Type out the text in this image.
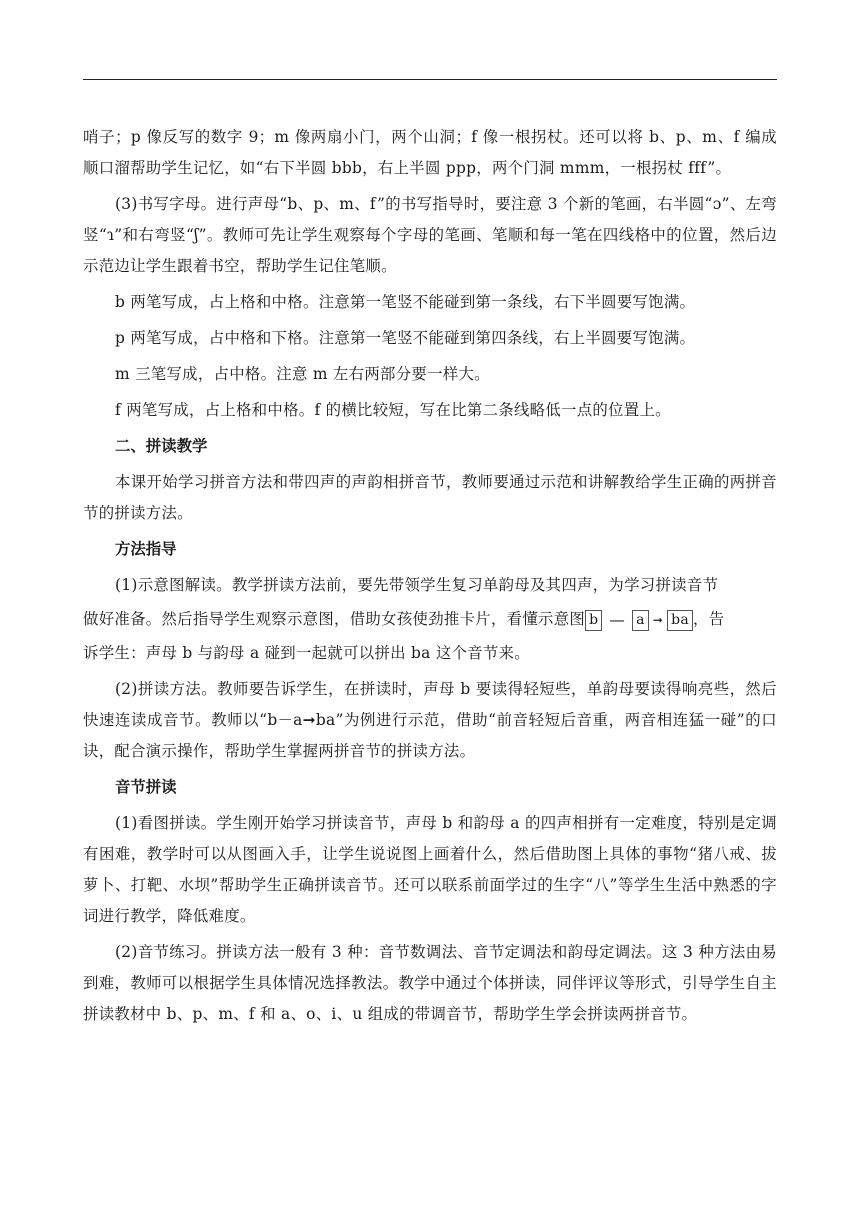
哨子；p 像反写的数字 9；m 像两扇小门，两个山洞；f 像一根拐杖。还可以将 b、p、m、f 编成顺口溜帮助学生记忆，如“右下半圆 bbb，右上半圆 ppp，两个门洞 mmm，一根拐杖 fff”。

(3)书写字母。进行声母“b、p、m、f”的书写指导时，要注意 3 个新的笔画，右半圆“ɔ”、左弯竖“ɿ”和右弯竖“ʃ”。教师可先让学生观察每个字母的笔画、笔顺和每一笔在四线格中的位置，然后边示范边让学生跟着书空，帮助学生记住笔顺。

b 两笔写成，占上格和中格。注意第一笔竖不能碰到第一条线，右下半圆要写饱满。

p 两笔写成，占中格和下格。注意第一笔竖不能碰到第四条线，右上半圆要写饱满。

m 三笔写成，占中格。注意 m 左右两部分要一样大。

f 两笔写成，占上格和中格。f 的横比较短，写在比第二条线略低一点的位置上。

二、拼读教学

本课开始学习拼音方法和带四声的声韵相拼音节，教师要通过示范和讲解教给学生正确的两拼音节的拼读方法。

方法指导

(1)示意图解读。教学拼读方法前，要先带领学生复习单韵母及其四声，为学习拼读音节

做好准备。然后指导学生观察示意图，借助女孩使劲推卡片，看懂示意图 b — a ➞ ba ，告

诉学生：声母 b 与韵母 a 碰到一起就可以拼出 ba 这个音节来。

(2)拼读方法。教师要告诉学生，在拼读时，声母 b 要读得轻短些，单韵母要读得响亮些，然后快速连读成音节。教师以“b－a➞ba”为例进行示范，借助“前音轻短后音重，两音相连猛一碰”的口诀，配合演示操作，帮助学生掌握两拼音节的拼读方法。

音节拼读

(1)看图拼读。学生刚开始学习拼读音节，声母 b 和韵母 a 的四声相拼有一定难度，特别是定调有困难，教学时可以从图画入手，让学生说说图上画着什么，然后借助图上具体的事物“猪八戒、拔萝卜、打靶、水坝”帮助学生正确拼读音节。还可以联系前面学过的生字“八”等学生生活中熟悉的字词进行教学，降低难度。

(2)音节练习。拼读方法一般有 3 种：音节数调法、音节定调法和韵母定调法。这 3 种方法由易到难，教师可以根据学生具体情况选择教法。教学中通过个体拼读，同伴评议等形式，引导学生自主拼读教材中 b、p、m、f 和 a、o、i、u 组成的带调音节，帮助学生学会拼读两拼音节。
